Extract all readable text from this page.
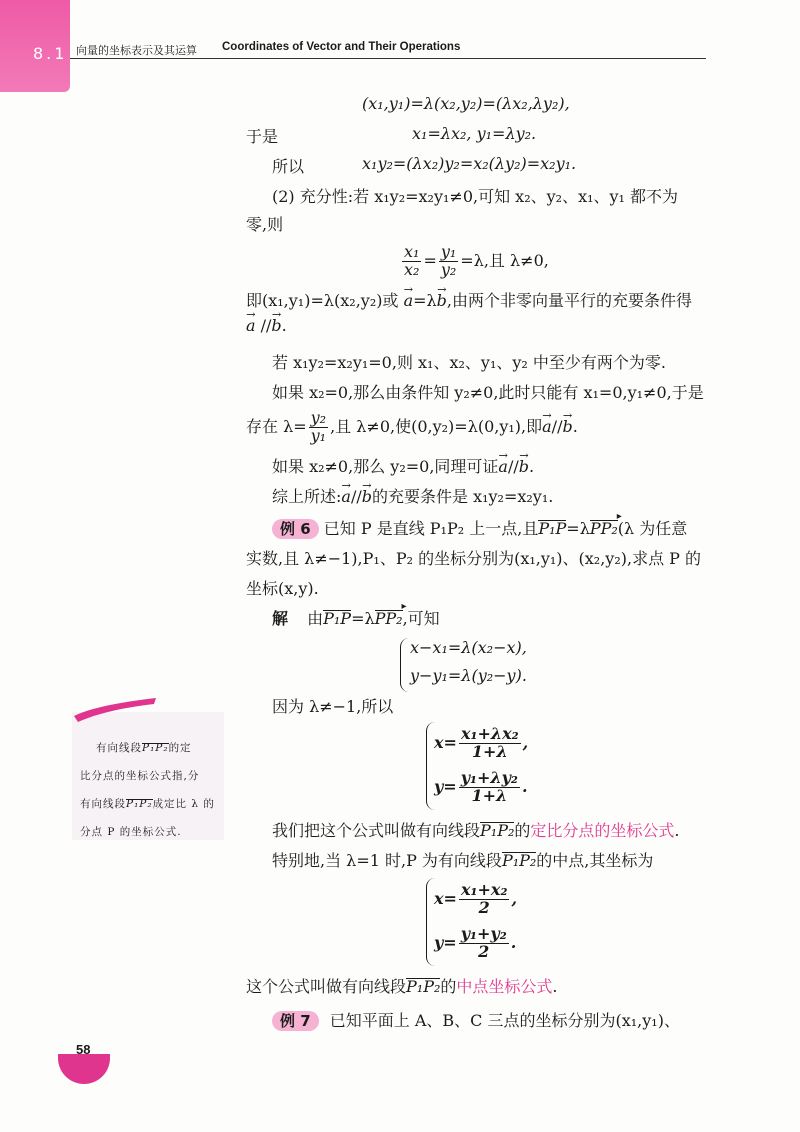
8.1 向量的坐标表示及其运算 Coordinates of Vector and Their Operations
(x₁,y₁)=λ(x₂,y₂)=(λx₂,λy₂),
于是	x₁=λx₂, y₁=λy₂.
所以	x₁y₂=(λx₂)y₂=x₂(λy₂)=x₂y₁.
(2) 充分性:若 x₁y₂=x₂y₁≠0,可知 x₂、y₂、x₁、y₁ 都不为
零,则
$\frac{\text{x₁}}{\text{x₂}} = \frac{\text{y₁}}{\text{y₂}} =\lambda$,且 λ≠0,
即(x₁,y₁)=λ(x₂,y₂)或 → a=λ→ b,由两个非零向量平行的充要条件得
→ a //→ b.
若 x₁y₂=x₂y₁=0,则 x₁、x₂、y₁、y₂ 中至少有两个为零.
如果 x₂=0,那么由条件知 y₂≠0,此时只能有 x₁=0,y₁≠0,于是
存在 $\lambda= \frac{\text{y₂}}{\text{y₁}}$ ,且 λ≠0,使(0,y₂)=λ(0,y₁),即→ a//→ b.
如果 x₂≠0,那么 y₂=0,同理可证→ a//→ b.
综上所述:→ a//→ b的充要条件是 x₁y₂=x₂y₁.
例 6 已知 P 是直线 P₁P₂ 上一点,且P₁P=λPP₂ ▸(λ 为任意
实数,且 λ≠−1),P₁、P₂ 的坐标分别为(x₁,y₁)、(x₂,y₂),求点 P 的
坐标(x,y).
解 由P₁P=λPP₂ ▸,可知
x−x₁=λ(x₂−x),
y−y₁=λ(y₂−y).
因为 λ≠−1,所以
$x= \frac{\text{x₁+λx₂}}{1+\lambda}$ ,
$y= \frac{\text{y₁+λy₂}}{1+\lambda}$ .
我们把这个公式叫做有向线段P₁P₂的定比分点的坐标公式.
特别地,当 λ=1 时,P 为有向线段P₁P₂的中点,其坐标为
$x= \frac{\text{x₁+x₂}}{2}$ ,
$y= \frac{\text{y₁+y₂}}{2}$ .
这个公式叫做有向线段P₁P₂的中点坐标公式.
例 7 已知平面上 A、B、C 三点的坐标分别为(x₁,y₁)、
有向线段P₁P₂的定
比分点的坐标公式指,分
有向线段P₁P₂成定比 λ 的
分点 P 的坐标公式.
58
